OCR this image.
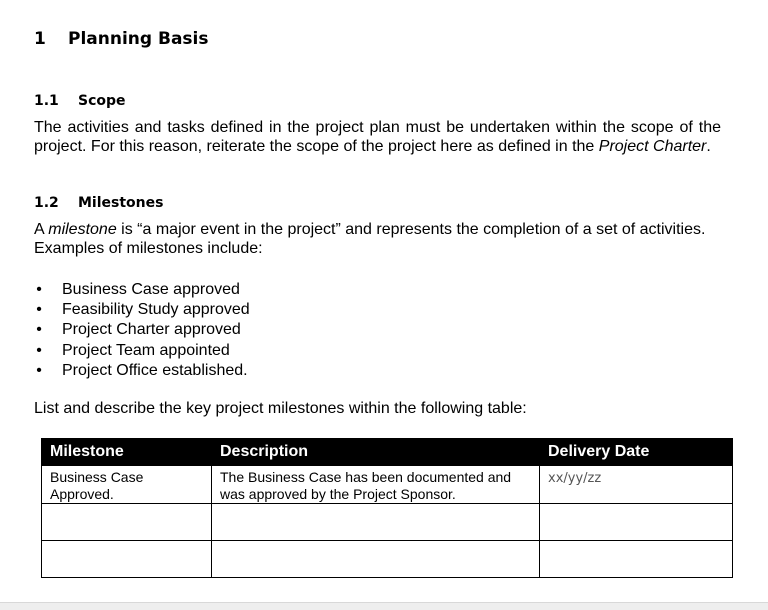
1 Planning Basis
1.1 Scope

The activities and tasks defined in the project plan must be undertaken within the scope of the project. For this reason, reiterate the scope of the project here as defined in the Project Charter.

1.2 Milestones

A milestone is “a major event in the project” and represents the completion of a set of activities. Examples of milestones include:

• Business Case approved
• Feasibility Study approved
• Project Charter approved
• Project Team appointed
• Project Office established.

List and describe the key project milestones within the following table:

Milestone	Description	Delivery Date
Business Case Approved.	The Business Case has been documented and was approved by the Project Sponsor.	xx/yy/zz
